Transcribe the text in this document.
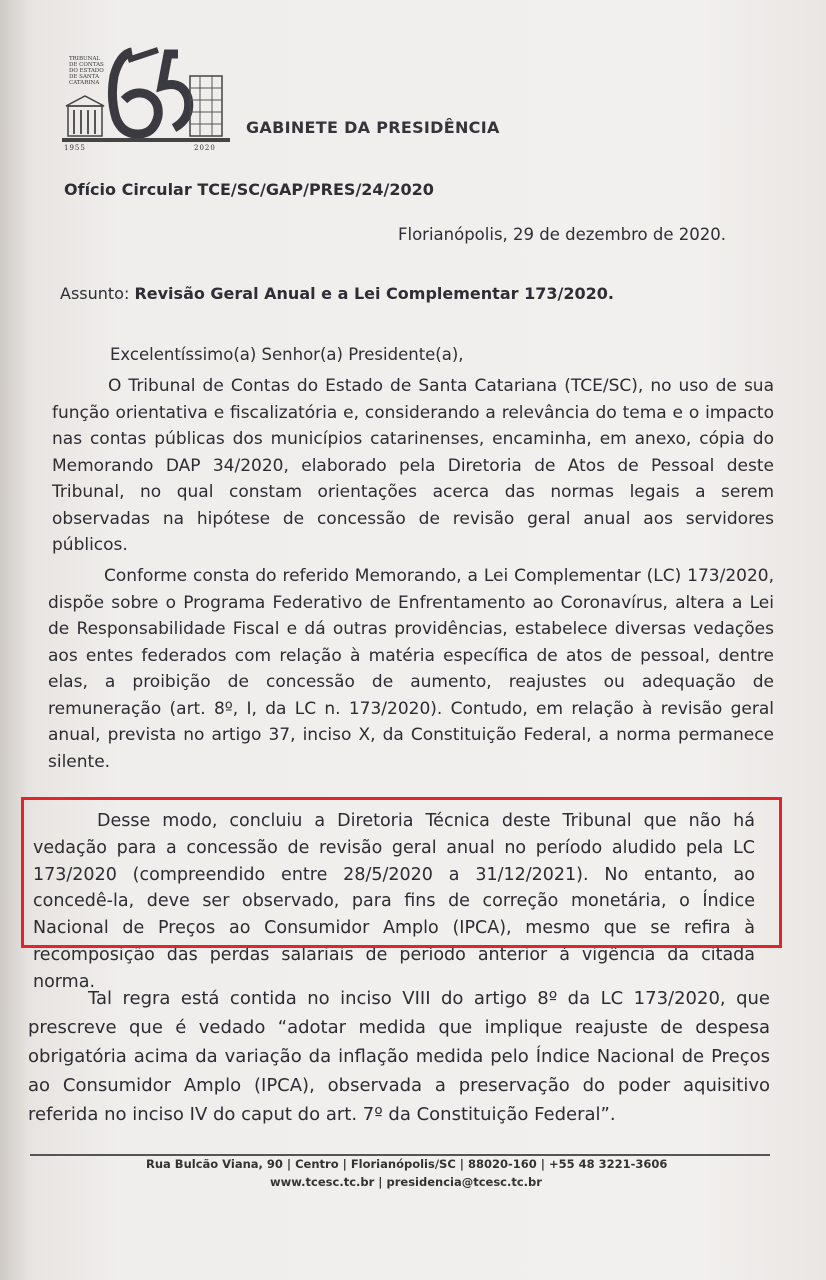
TRIBUNAL DE CONTAS DO ESTADO DE SANTA CATARINA
1955	2020
GABINETE DA PRESIDÊNCIA
Ofício Circular TCE/SC/GAP/PRES/24/2020
Florianópolis, 29 de dezembro de 2020.
Assunto: Revisão Geral Anual e a Lei Complementar 173/2020.
Excelentíssimo(a) Senhor(a) Presidente(a),
O Tribunal de Contas do Estado de Santa Catariana (TCE/SC), no uso de sua função orientativa e fiscalizatória e, considerando a relevância do tema e o impacto nas contas públicas dos municípios catarinenses, encaminha, em anexo, cópia do Memorando DAP 34/2020, elaborado pela Diretoria de Atos de Pessoal deste Tribunal, no qual constam orientações acerca das normas legais a serem observadas na hipótese de concessão de revisão geral anual aos servidores públicos.
Conforme consta do referido Memorando, a Lei Complementar (LC) 173/2020, dispõe sobre o Programa Federativo de Enfrentamento ao Coronavírus, altera a Lei de Responsabilidade Fiscal e dá outras providências, estabelece diversas vedações aos entes federados com relação à matéria específica de atos de pessoal, dentre elas, a proibição de concessão de aumento, reajustes ou adequação de remuneração (art. 8º, I, da LC n. 173/2020). Contudo, em relação à revisão geral anual, prevista no artigo 37, inciso X, da Constituição Federal, a norma permanece silente.
Desse modo, concluiu a Diretoria Técnica deste Tribunal que não há vedação para a concessão de revisão geral anual no período aludido pela LC 173/2020 (compreendido entre 28/5/2020 a 31/12/2021). No entanto, ao concedê-la, deve ser observado, para fins de correção monetária, o Índice Nacional de Preços ao Consumidor Amplo (IPCA), mesmo que se refira à recomposição das perdas salariais de período anterior à vigência da citada norma.
Tal regra está contida no inciso VIII do artigo 8º da LC 173/2020, que prescreve que é vedado “adotar medida que implique reajuste de despesa obrigatória acima da variação da inflação medida pelo Índice Nacional de Preços ao Consumidor Amplo (IPCA), observada a preservação do poder aquisitivo referida no inciso IV do caput do art. 7º da Constituição Federal”.
Rua Bulcão Viana, 90 | Centro | Florianópolis/SC | 88020-160 | +55 48 3221-3606
www.tcesc.tc.br | presidencia@tcesc.tc.br
